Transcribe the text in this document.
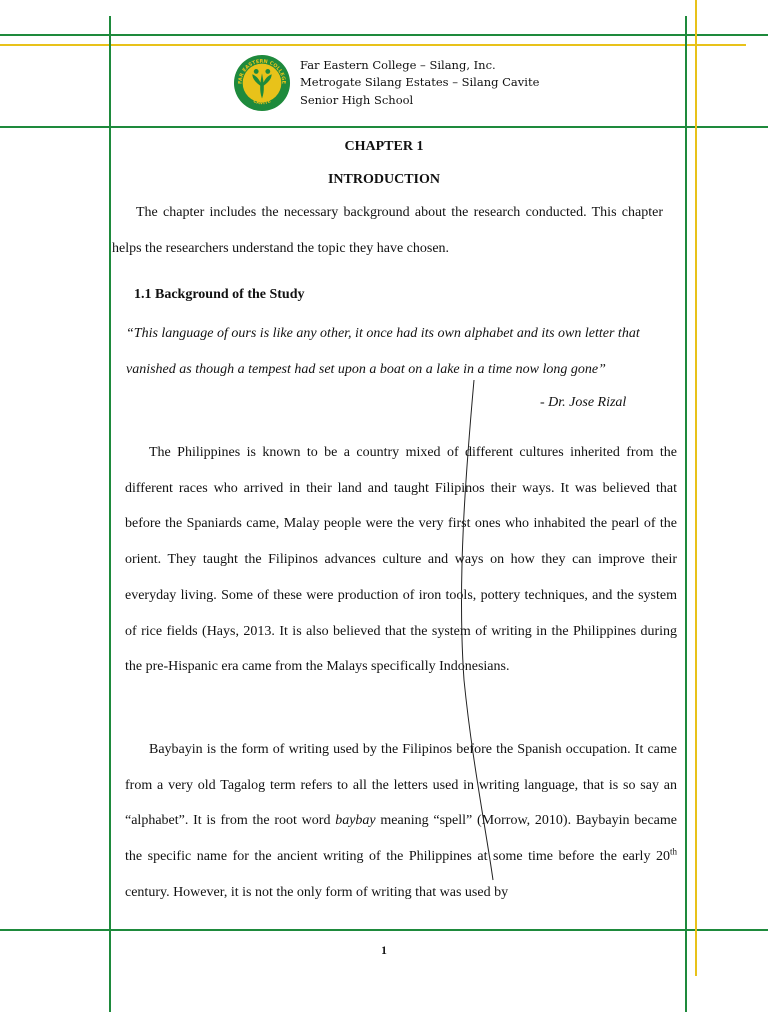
FAR EASTERN COLLEGE
CAVITE
Far Eastern College – Silang, Inc.
Metrogate Silang Estates – Silang Cavite
Senior High School
CHAPTER 1
INTRODUCTION

The chapter includes the necessary background about the research conducted. This chapter helps the researchers understand the topic they have chosen.

1.1 Background of the Study
“This language of ours is like any other, it once had its own alphabet and its own letter that vanished as though a tempest had set upon a boat on a lake in a time now long gone”
- Dr. Jose Rizal

The Philippines is known to be a country mixed of different cultures inherited from the different races who arrived in their land and taught Filipinos their ways. It was believed that before the Spaniards came, Malay people were the very first ones who inhabited the pearl of the orient. They taught the Filipinos advances culture and ways on how they can improve their everyday living. Some of these were production of iron tools, pottery techniques, and the system of rice fields (Hays, 2013. It is also believed that the system of writing in the Philippines during the pre-Hispanic era came from the Malays specifically Indonesians.

Baybayin is the form of writing used by the Filipinos before the Spanish occupation. It came from a very old Tagalog term refers to all the letters used in writing language, that is so say an “alphabet”. It is from the root word baybay meaning “spell” (Morrow, 2010). Baybayin became the specific name for the ancient writing of the Philippines at some time before the early 20th century. However, it is not the only form of writing that was used by

1
